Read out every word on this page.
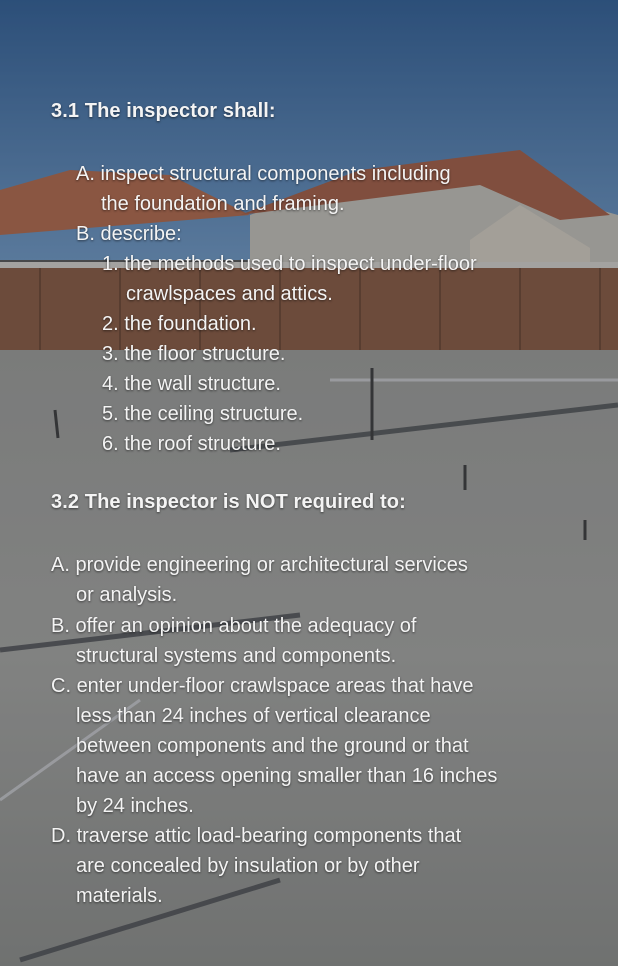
3.1 The inspector shall:
A. inspect structural components including
the foundation and framing.
B. describe:
1. the methods used to inspect under-floor
crawlspaces and attics.
2. the foundation.
3. the floor structure.
4. the wall structure.
5. the ceiling structure.
6. the roof structure.
3.2 The inspector is NOT required to:
A. provide engineering or architectural services
or analysis.
B. offer an opinion about the adequacy of
structural systems and components.
C. enter under-floor crawlspace areas that have
less than 24 inches of vertical clearance
between components and the ground or that
have an access opening smaller than 16 inches
by 24 inches.
D. traverse attic load-bearing components that
are concealed by insulation or by other
materials.
